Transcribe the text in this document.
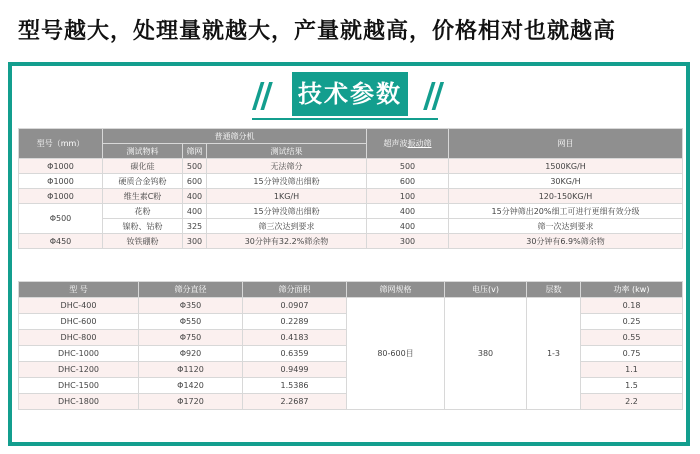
型号越大，处理量就越大，产量就越高，价格相对也就越高
// 技术参数 //
型号（mm）	普通筛分机			超声波振动筛	网目
	测试物料	筛网	测试结果		
Φ1000	碳化硅	500	无法筛分	500	1500KG/H
Φ1000	硬质合金钨粉	600	15分钟没筛出细粉	600	30KG/H
Φ1000	维生素C粉	400	1KG/H	100	120-150KG/H
Φ500	花粉	400	15分钟没筛出细粉	400	15分钟筛出20%细工可进行更细有效分级
	镍粉、钴粉	325	筛三次达到要求	400	筛一次达到要求
Φ450	钕铁硼粉	300	30分钟有32.2%筛余物	300	30分钟有6.9%筛余物
型 号	筛分直径	筛分面积	筛网规格	电压(v)	层数	功率 (kw)
DHC-400	Φ350	0.0907	80-600目	380	1-3	0.18
DHC-600	Φ550	0.2289				0.25
DHC-800	Φ750	0.4183				0.55
DHC-1000	Φ920	0.6359				0.75
DHC-1200	Φ1120	0.9499				1.1
DHC-1500	Φ1420	1.5386				1.5
DHC-1800	Φ1720	2.2687				2.2
